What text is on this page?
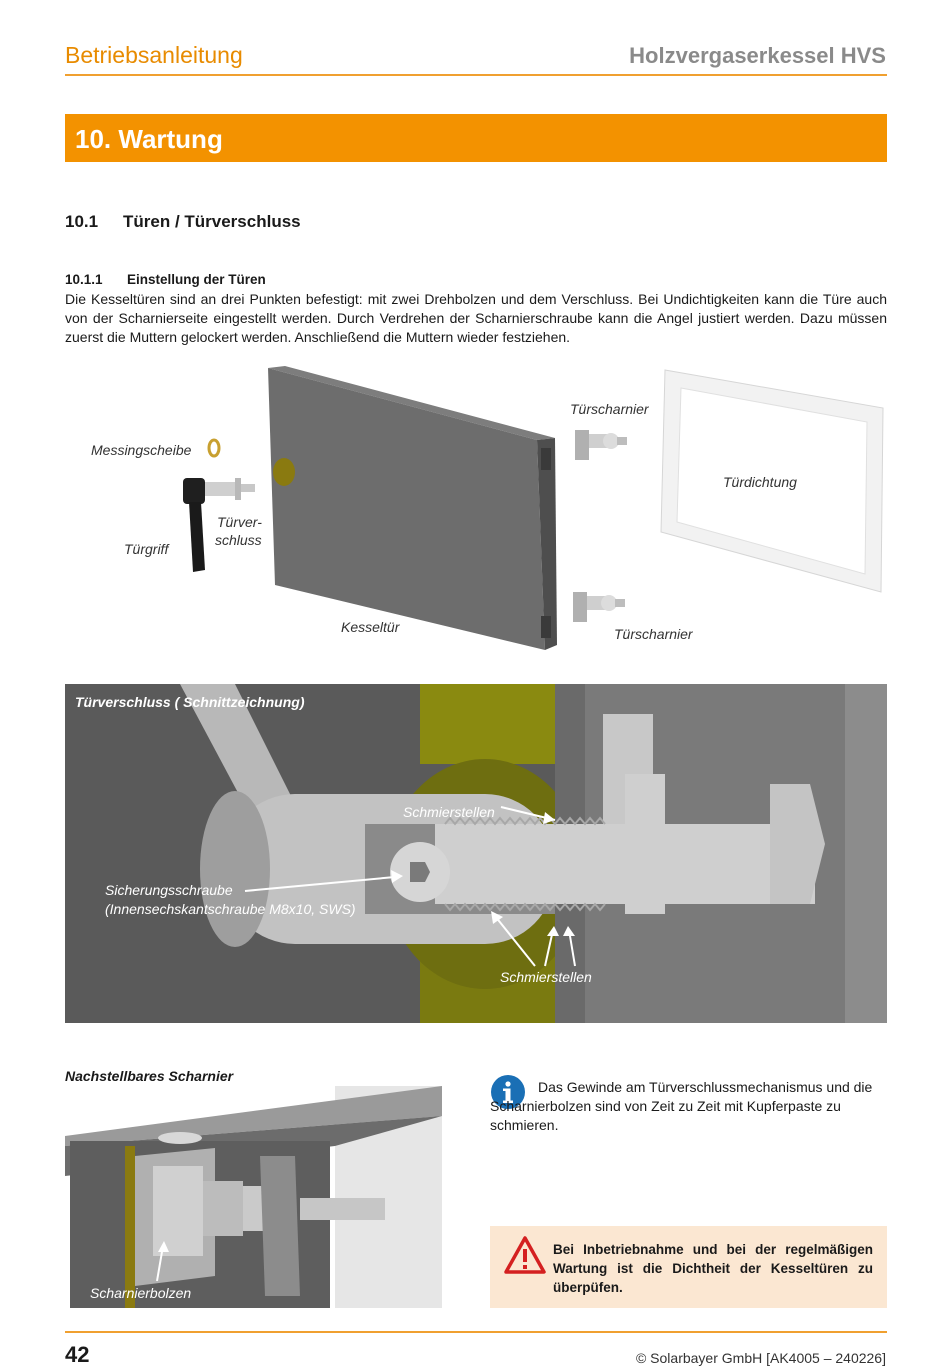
Betriebsanleitung	Holzvergaserkessel HVS
10. Wartung
10.1 Türen / Türverschluss
10.1.1 Einstellung der Türen

Die Kesseltüren sind an drei Punkten befestigt: mit zwei Drehbolzen und dem Verschluss. Bei Undichtigkeiten kann die Türe auch von der Scharnierseite eingestellt werden. Durch Verdrehen der Scharnierschraube kann die Angel justiert werden. Dazu müssen zuerst die Muttern gelockert werden. Anschließend die Muttern wieder festziehen.

Messingscheibe
Türver-
schluss
Türgriff
Kesseltür
Türscharnier
Türscharnier
Türdichtung
Türverschluss ( Schnittzeichnung)
Schmierstellen
Sicherungsschraube
(Innensechskantschraube M8x10, SWS)
Schmierstellen
Nachstellbares Scharnier
Scharnierbolzen

Das Gewinde am Türverschlussmechanismus und die Scharnierbolzen sind von Zeit zu Zeit mit Kupferpaste zu schmieren.

Bei Inbetriebnahme und bei der regelmäßigen Wartung ist die Dichtheit der Kesseltüren zu überpüfen.

42	© Solarbayer GmbH [AK4005 – 240226]
